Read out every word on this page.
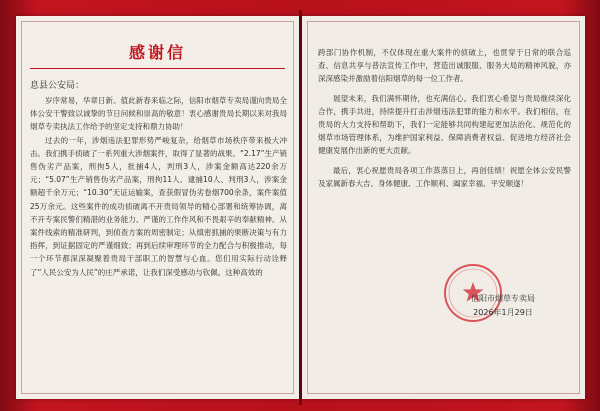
感谢信
息县公安局：

岁序常易，华章日新。值此新春来临之际，信阳市烟草专卖局谨向贵局全体公安干警致以诚挚的节日问候和崇高的敬意！衷心感谢贵局长期以来对我局烟草专卖执法工作给予的坚定支持和鼎力协助！

过去的一年，涉烟违法犯罪形势严峻复杂，给烟草市场秩序带来极大冲击。我们携手侦破了一系列重大涉烟案件，取得了显著的战果。“2.17”生产销售伪劣产品案，刑拘5人，批捕4人，判刑3人，涉案金额高达220余万元；“5.07”生产销售伪劣产品案，刑拘11人、逮捕10人、判刑3人，涉案金额超千余万元；“10.30”无证运输案，查获假冒伪劣卷烟700余条，案件案值25万余元。这些案件的成功侦破离不开贵局领导的精心部署和统筹协调，离不开专案民警们精湛的业务能力、严谨的工作作风和不畏艰辛的奉献精神。从案件线索的精准研判，到侦查方案的周密制定；从缜密抓捕的果断决策与有力指挥，到证据固定的严谨细致；再到后续审理环节的全力配合与积极推动，每一个环节都深深凝聚着贵局干部职工的智慧与心血。您们用实际行动诠释了“人民公安为人民”的庄严承诺，让我们深受感动与钦佩。这种高效的

跨部门协作机制，不仅体现在重大案件的侦破上，也贯穿于日常的联合巡查、信息共享与普法宣传工作中，营造出诚服服、服务大局的精神风貌，亦深深感染并激励着信阳烟草的每一位工作者。

展望未来，我们满怀期待，也充满信心。我们衷心希望与贵局继续深化合作，携手共进，持续提升打击涉烟违法犯罪的能力和水平。我们相信，在贵局的大力支持和帮助下，我们一定能够共同构建起更加法治化、规范化的烟草市场管理体系，为维护国家利益、保障消费者权益、促进地方经济社会健康发展作出新的更大贡献。

最后，衷心祝愿贵局各项工作蒸蒸日上，再创佳绩！祝愿全体公安民警及家属新春大吉、身体健康、工作顺利、阖家幸福、平安顺遂！

信阳市烟草专卖局
2026年1月29日
